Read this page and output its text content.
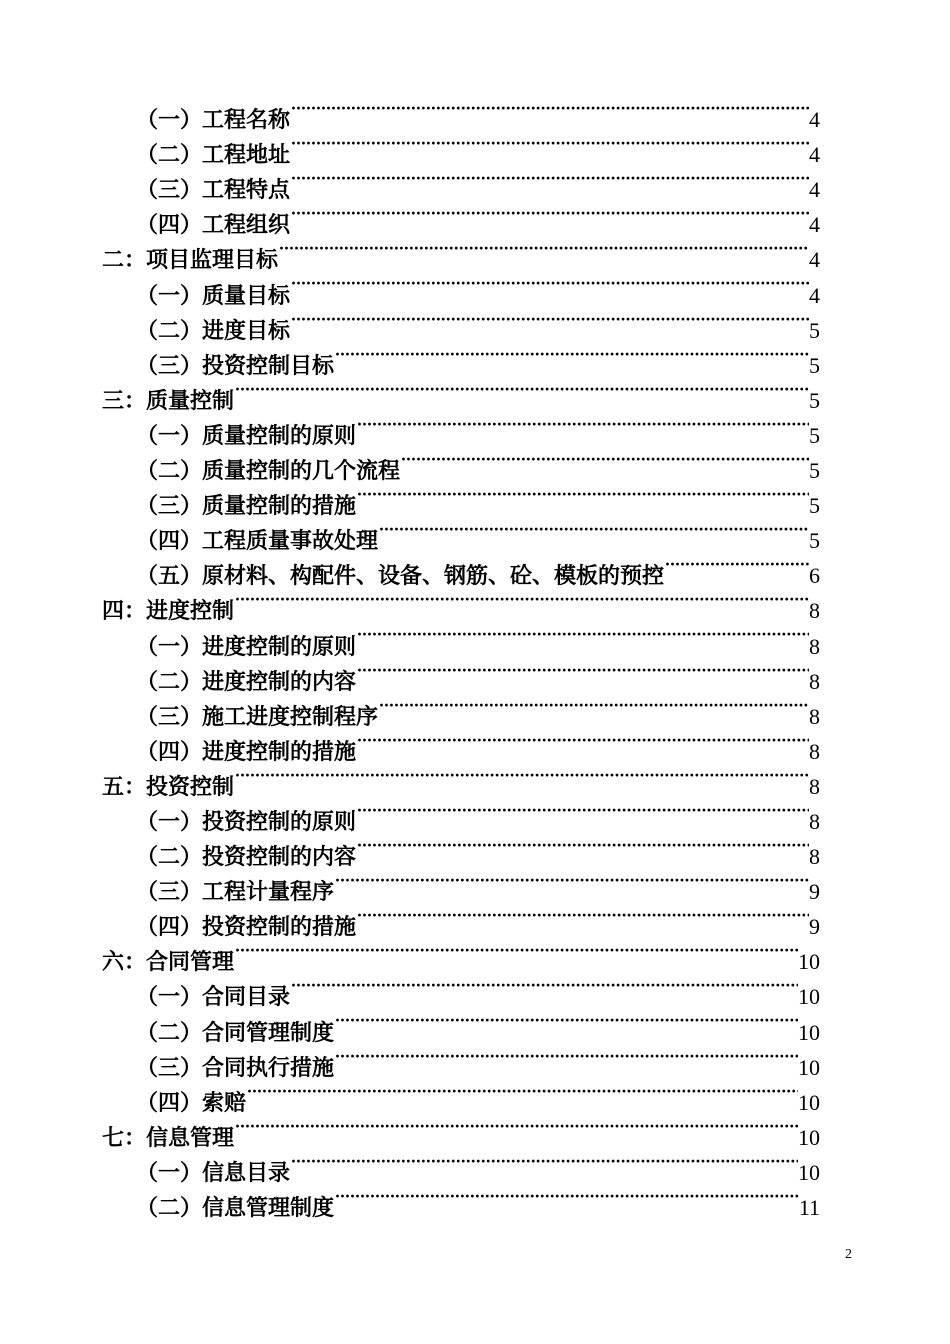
（一）工程名称 ·····	4
（二）工程地址 ·····	4
（三）工程特点 ·····	4
（四）工程组织 ·····	4
二：项目监理目标 ·····	4
（一）质量目标 ·····	4
（二）进度目标 ·····	5
（三）投资控制目标 ·····	5
三：质量控制 ·····	5
（一）质量控制的原则 ·····	5
（二）质量控制的几个流程 ·····	5
（三）质量控制的措施 ·····	5
（四）工程质量事故处理 ·····	5
（五）原材料、构配件、设备、钢筋、砼、模板的预控 ·····	6
四：进度控制 ·····	8
（一）进度控制的原则 ·····	8
（二）进度控制的内容 ·····	8
（三）施工进度控制程序 ·····	8
（四）进度控制的措施 ·····	8
五：投资控制 ·····	8
（一）投资控制的原则 ·····	8
（二）投资控制的内容 ·····	8
（三）工程计量程序 ·····	9
（四）投资控制的措施 ·····	9
六：合同管理 ·····	10
（一）合同目录 ·····	10
（二）合同管理制度 ·····	10
（三）合同执行措施 ·····	10
（四）索赔 ·····	10
七：信息管理 ·····	10
（一）信息目录 ·····	10
（二）信息管理制度 ·····	11
2
